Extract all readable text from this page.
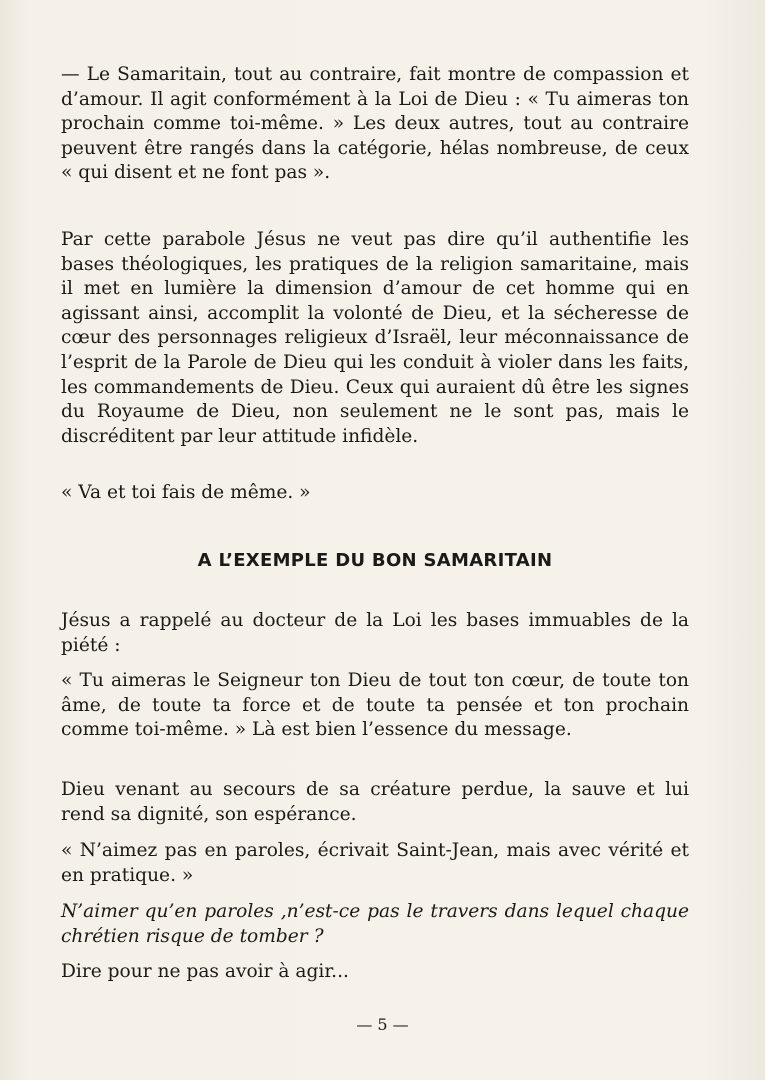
— Le Samaritain, tout au contraire, fait montre de compassion et d’amour. Il agit conformément à la Loi de Dieu : « Tu aimeras ton prochain comme toi-même. » Les deux autres, tout au contraire peuvent être rangés dans la catégorie, hélas nombreuse, de ceux « qui disent et ne font pas ».

Par cette parabole Jésus ne veut pas dire qu’il authentifie les bases théologiques, les pratiques de la religion samaritaine, mais il met en lumière la dimension d’amour de cet homme qui en agissant ainsi, accomplit la volonté de Dieu, et la sécheresse de cœur des personnages religieux d’Israël, leur méconnaissance de l’esprit de la Parole de Dieu qui les conduit à violer dans les faits, les commandements de Dieu. Ceux qui auraient dû être les signes du Royaume de Dieu, non seulement ne le sont pas, mais le discréditent par leur attitude infidèle.

« Va et toi fais de même. »

A L’EXEMPLE DU BON SAMARITAIN

Jésus a rappelé au docteur de la Loi les bases immuables de la piété :

« Tu aimeras le Seigneur ton Dieu de tout ton cœur, de toute ton âme, de toute ta force et de toute ta pensée et ton prochain comme toi-même. » Là est bien l’essence du message.

Dieu venant au secours de sa créature perdue, la sauve et lui rend sa dignité, son espérance.

« N’aimez pas en paroles, écrivait Saint-Jean, mais avec vérité et en pratique. »

N’aimer qu’en paroles ,n’est-ce pas le travers dans lequel chaque chrétien risque de tomber ?

Dire pour ne pas avoir à agir...

— 5 —
